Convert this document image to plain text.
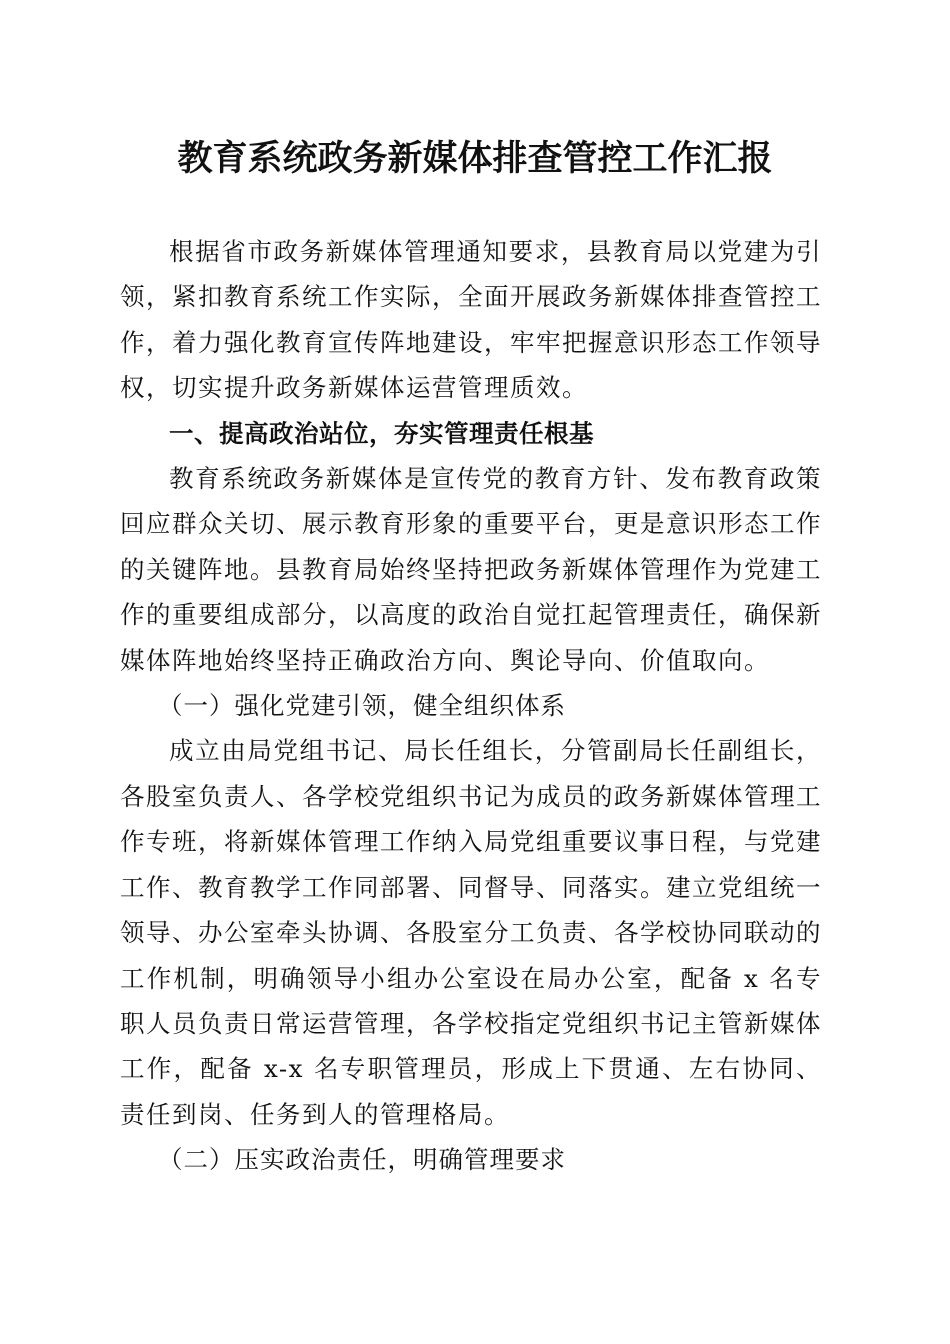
教育系统政务新媒体排查管控工作汇报

根据省市政务新媒体管理通知要求，县教育局以党建为引领，紧扣教育系统工作实际，全面开展政务新媒体排查管控工作，着力强化教育宣传阵地建设，牢牢把握意识形态工作领导权，切实提升政务新媒体运营管理质效。

一、提高政治站位，夯实管理责任根基

教育系统政务新媒体是宣传党的教育方针、发布教育政策回应群众关切、展示教育形象的重要平台，更是意识形态工作的关键阵地。县教育局始终坚持把政务新媒体管理作为党建工作的重要组成部分，以高度的政治自觉扛起管理责任，确保新媒体阵地始终坚持正确政治方向、舆论导向、价值取向。

（一）强化党建引领，健全组织体系

成立由局党组书记、局长任组长，分管副局长任副组长，各股室负责人、各学校党组织书记为成员的政务新媒体管理工作专班，将新媒体管理工作纳入局党组重要议事日程，与党建工作、教育教学工作同部署、同督导、同落实。建立党组统一领导、办公室牵头协调、各股室分工负责、各学校协同联动的工作机制，明确领导小组办公室设在局办公室，配备 x 名专职人员负责日常运营管理，各学校指定党组织书记主管新媒体工作，配备 x-x 名专职管理员，形成上下贯通、左右协同、责任到岗、任务到人的管理格局。

（二）压实政治责任，明确管理要求
